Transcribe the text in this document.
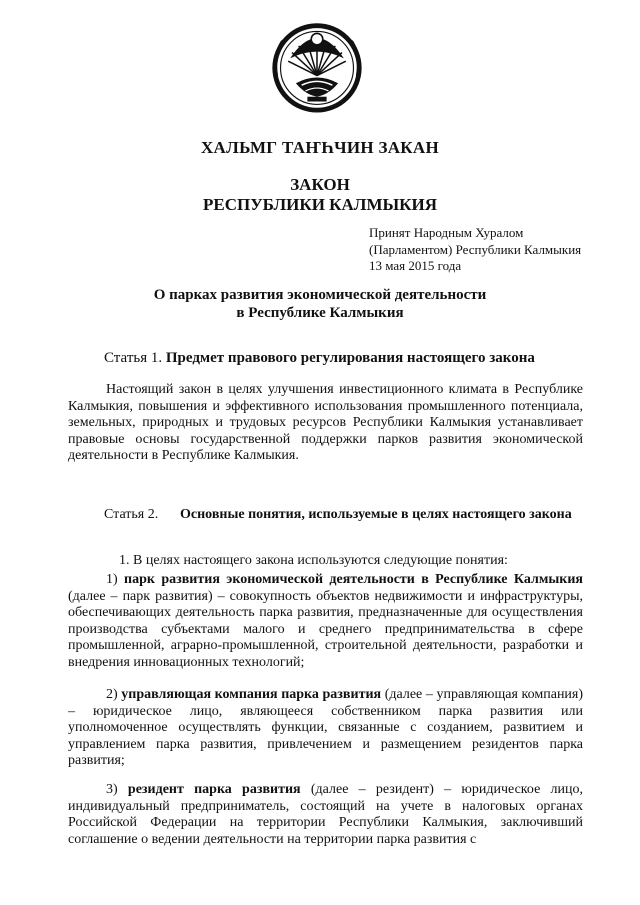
ХАЛЬМГ ТАҤҺЧИН ЗАКАН
ЗАКОН
РЕСПУБЛИКИ КАЛМЫКИЯ
Принят Народным Хуралом
(Парламентом) Республики Калмыкия
13 мая 2015 года
О парках развития экономической деятельности
в Республике Калмыкия
Статья 1. Предмет правового регулирования настоящего закона
Настоящий закон в целях улучшения инвестиционного климата в Республике Калмыкия, повышения и эффективного использования промышленного потенциала, земельных, природных и трудовых ресурсов Республики Калмыкия устанавливает правовые основы государственной поддержки парков развития экономической деятельности в Республике Калмыкия.
Статья 2. Основные понятия, используемые в целях настоящего закона
1. В целях настоящего закона используются следующие понятия:
1) парк развития экономической деятельности в Республике Калмыкия (далее – парк развития) – совокупность объектов недвижимости и инфраструктуры, обеспечивающих деятельность парка развития, предназначенные для осуществления производства субъектами малого и среднего предпринимательства в сфере промышленной, аграрно-промышленной, строительной деятельности, разработки и внедрения инновационных технологий;
2) управляющая компания парка развития (далее – управляющая компания) – юридическое лицо, являющееся собственником парка развития или уполномоченное осуществлять функции, связанные с созданием, развитием и управлением парка развития, привлечением и размещением резидентов парка развития;
3) резидент парка развития (далее – резидент) – юридическое лицо, индивидуальный предприниматель, состоящий на учете в налоговых органах Российской Федерации на территории Республики Калмыкия, заключивший соглашение о ведении деятельности на территории парка развития с
